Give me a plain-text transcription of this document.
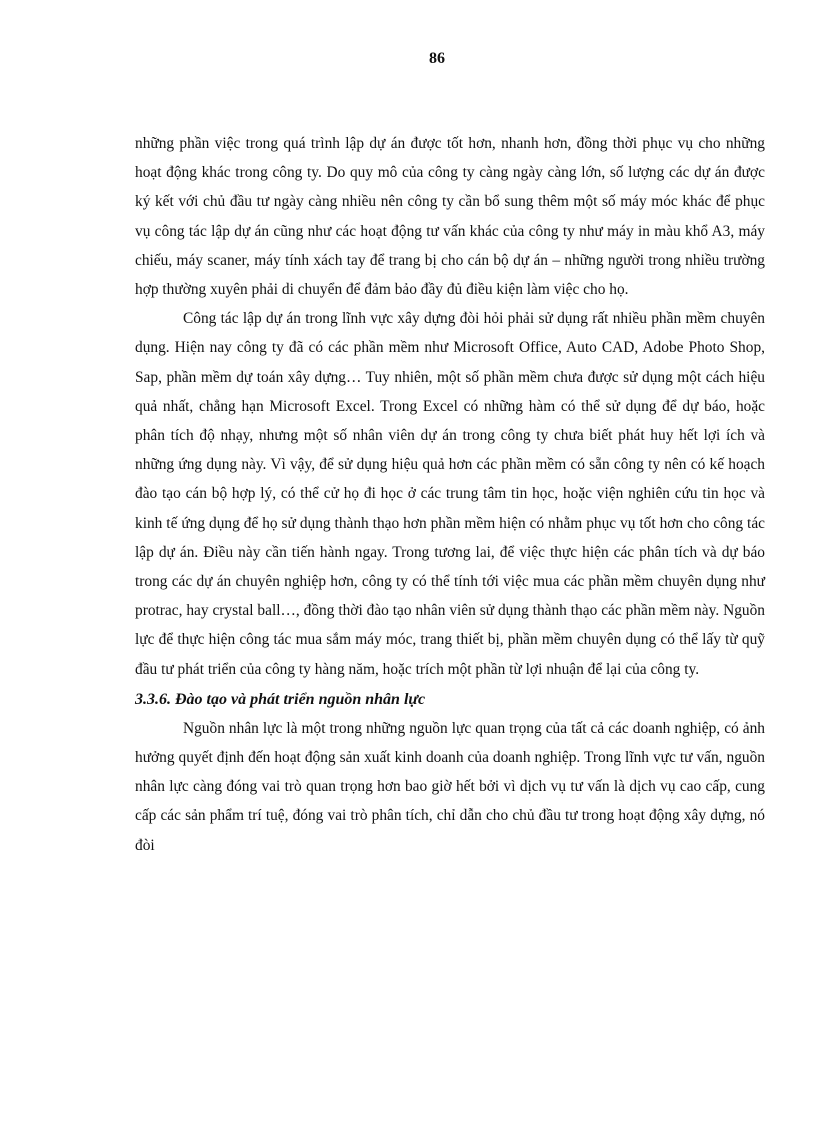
86

những phần việc trong quá trình lập dự án được tốt hơn, nhanh hơn, đồng thời phục vụ cho những hoạt động khác trong công ty. Do quy mô của công ty càng ngày càng lớn, số lượng các dự án được ký kết với chủ đầu tư ngày càng nhiều nên công ty cần bổ sung thêm một số máy móc khác để phục vụ công tác lập dự án cũng như các hoạt động tư vấn khác của công ty như máy in màu khổ A3, máy chiếu, máy scaner, máy tính xách tay để trang bị cho cán bộ dự án – những người trong nhiều trường hợp thường xuyên phải di chuyển để đảm bảo đầy đủ điều kiện làm việc cho họ.

Công tác lập dự án trong lĩnh vực xây dựng đòi hỏi phải sử dụng rất nhiều phần mềm chuyên dụng. Hiện nay công ty đã có các phần mềm như Microsoft Office, Auto CAD, Adobe Photo Shop, Sap, phần mềm dự toán xây dựng… Tuy nhiên, một số phần mềm chưa được sử dụng một cách hiệu quả nhất, chẳng hạn Microsoft Excel. Trong Excel có những hàm có thể sử dụng để dự báo, hoặc phân tích độ nhạy, nhưng một số nhân viên dự án trong công ty chưa biết phát huy hết lợi ích và những ứng dụng này. Vì vậy, để sử dụng hiệu quả hơn các phần mềm có sẵn công ty nên có kế hoạch đào tạo cán bộ hợp lý, có thể cử họ đi học ở các trung tâm tin học, hoặc viện nghiên cứu tin học và kinh tế ứng dụng để họ sử dụng thành thạo hơn phần mềm hiện có nhằm phục vụ tốt hơn cho công tác lập dự án. Điều này cần tiến hành ngay. Trong tương lai, để việc thực hiện các phân tích và dự báo trong các dự án chuyên nghiệp hơn, công ty có thể tính tới việc mua các phần mềm chuyên dụng như protrac, hay crystal ball…, đồng thời đào tạo nhân viên sử dụng thành thạo các phần mềm này. Nguồn lực để thực hiện công tác mua sắm máy móc, trang thiết bị, phần mềm chuyên dụng có thể lấy từ quỹ đầu tư phát triển của công ty hàng năm, hoặc trích một phần từ lợi nhuận để lại của công ty.

3.3.6. Đào tạo và phát triển nguồn nhân lực

Nguồn nhân lực là một trong những nguồn lực quan trọng của tất cả các doanh nghiệp, có ảnh hưởng quyết định đến hoạt động sản xuất kinh doanh của doanh nghiệp. Trong lĩnh vực tư vấn, nguồn nhân lực càng đóng vai trò quan trọng hơn bao giờ hết bởi vì dịch vụ tư vấn là dịch vụ cao cấp, cung cấp các sản phẩm trí tuệ, đóng vai trò phân tích, chỉ dẫn cho chủ đầu tư trong hoạt động xây dựng, nó đòi
